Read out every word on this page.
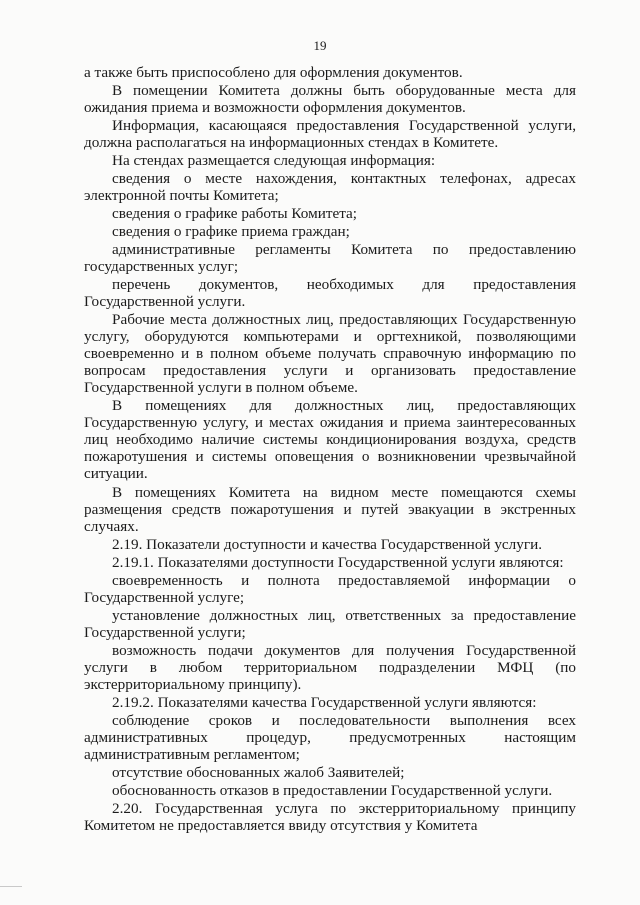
19

а также быть приспособлено для оформления документов.

В помещении Комитета должны быть оборудованные места для ожидания приема и возможности оформления документов.

Информация, касающаяся предоставления Государственной услуги, должна располагаться на информационных стендах в Комитете.

На стендах размещается следующая информация:

сведения о месте нахождения, контактных телефонах, адресах электронной почты Комитета;

сведения о графике работы Комитета;

сведения о графике приема граждан;

административные регламенты Комитета по предоставлению государственных услуг;

перечень документов, необходимых для предоставления Государственной услуги.

Рабочие места должностных лиц, предоставляющих Государственную услугу, оборудуются компьютерами и оргтехникой, позволяющими своевременно и в полном объеме получать справочную информацию по вопросам предоставления услуги и организовать предоставление Государственной услуги в полном объеме.

В помещениях для должностных лиц, предоставляющих Государственную услугу, и местах ожидания и приема заинтересованных лиц необходимо наличие системы кондиционирования воздуха, средств пожаротушения и системы оповещения о возникновении чрезвычайной ситуации.

В помещениях Комитета на видном месте помещаются схемы размещения средств пожаротушения и путей эвакуации в экстренных случаях.

2.19. Показатели доступности и качества Государственной услуги.

2.19.1. Показателями доступности Государственной услуги являются:

своевременность и полнота предоставляемой информации о Государственной услуге;

установление должностных лиц, ответственных за предоставление Государственной услуги;

возможность подачи документов для получения Государственной услуги в любом территориальном подразделении МФЦ (по экстерриториальному принципу).

2.19.2. Показателями качества Государственной услуги являются:

соблюдение сроков и последовательности выполнения всех административных процедур, предусмотренных настоящим административным регламентом;

отсутствие обоснованных жалоб Заявителей;

обоснованность отказов в предоставлении Государственной услуги.

2.20. Государственная услуга по экстерриториальному принципу Комитетом не предоставляется ввиду отсутствия у Комитета
